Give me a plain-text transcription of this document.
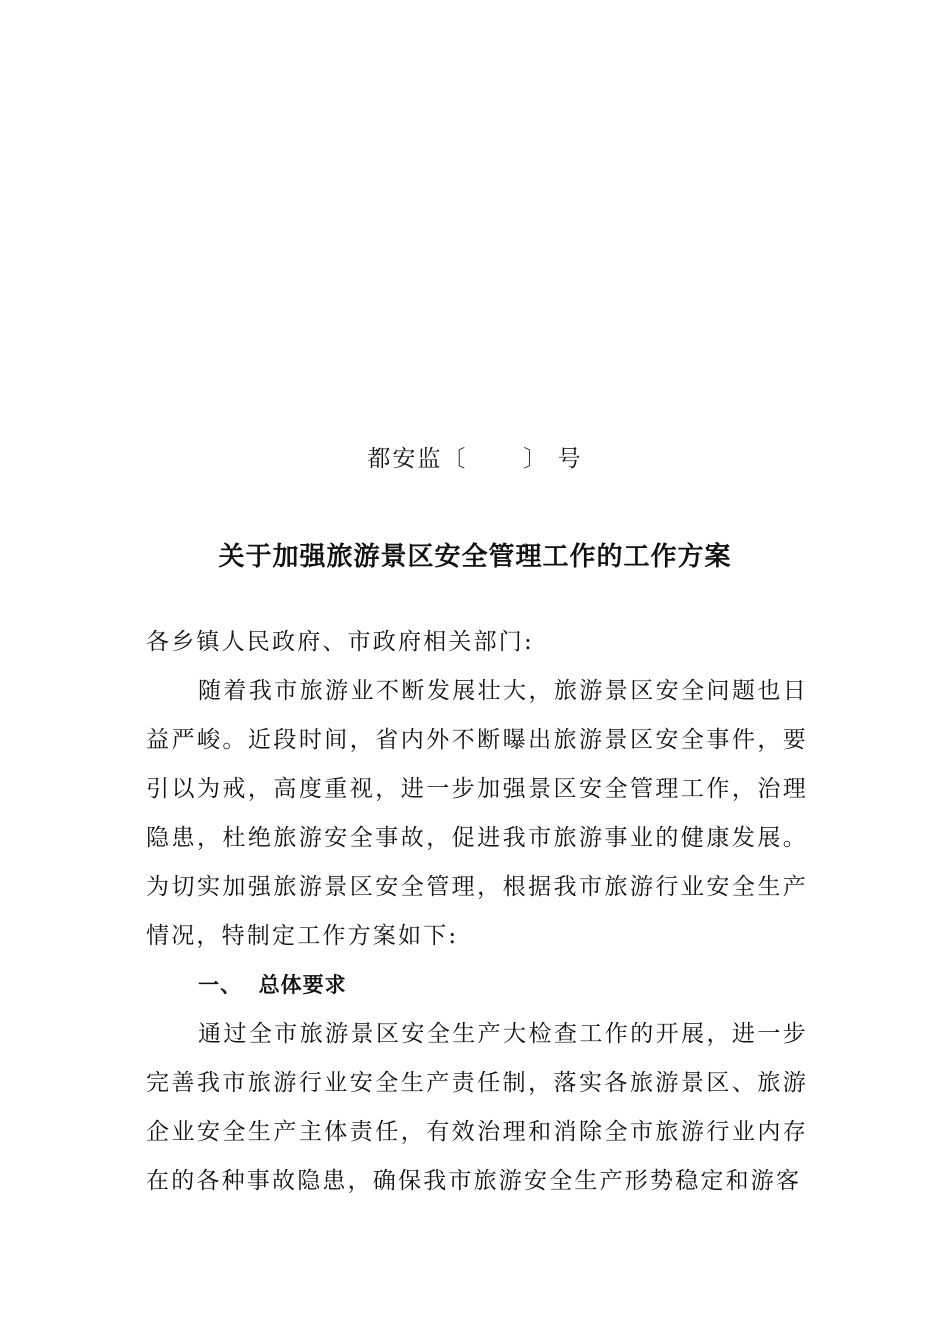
都安监〔      〕 号
关于加强旅游景区安全管理工作的工作方案

各乡镇人民政府、市政府相关部门:

随着我市旅游业不断发展壮大，旅游景区安全问题也日益严峻。近段时间，省内外不断曝出旅游景区安全事件，要引以为戒，高度重视，进一步加强景区安全管理工作，治理隐患，杜绝旅游安全事故，促进我市旅游事业的健康发展。为切实加强旅游景区安全管理，根据我市旅游行业安全生产情况，特制定工作方案如下:

一、  总体要求

通过全市旅游景区安全生产大检查工作的开展，进一步完善我市旅游行业安全生产责任制，落实各旅游景区、旅游企业安全生产主体责任，有效治理和消除全市旅游行业内存在的各种事故隐患，确保我市旅游安全生产形势稳定和游客
